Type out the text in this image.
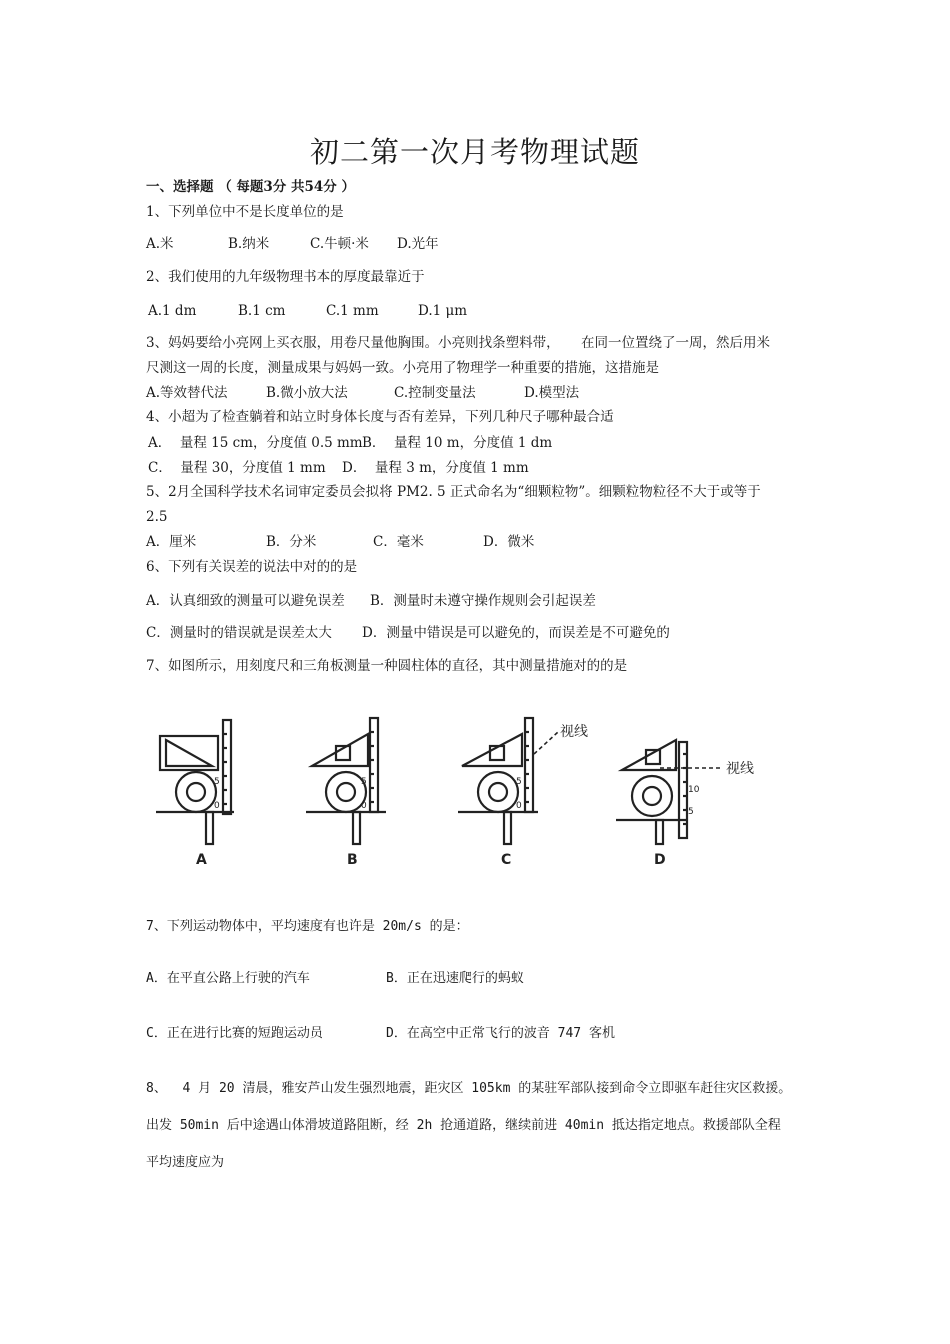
初二第一次月考物理试题
一、选择题 （ 每题3分 共54分 ）
1、下列单位中不是长度单位的是
A.米	B.纳米	C.牛顿·米 D.光年
2、我们使用的九年级物理书本的厚度最靠近于
A.1 dm	B.1 cm	C.1 mm	D.1 μm
3、妈妈要给小亮网上买衣服，用卷尺量他胸围。小亮则找条塑料带，     在同一位置绕了一周，然后用米
尺测这一周的长度，测量成果与妈妈一致。小亮用了物理学一种重要的措施，这措施是
A.等效替代法	B.微小放大法	C.控制变量法	D.模型法
4、小超为了检查躺着和站立时身体长度与否有差异，下列几种尺子哪种最合适
A．  量程 15 cm，分度值 0.5 mm B．  量程 10 m，分度值 1 dm
C．  量程 30，分度值 1 mm D．  量程 3 m，分度值 1 mm
5、2月全国科学技术名词审定委员会拟将 PM2. 5 正式命名为“细颗粒物”。细颗粒物粒径不大于或等于
2.5
A．厘米	B．分米	C．毫米	D．微米
6、下列有关误差的说法中对的的是
A．认真细致的测量可以避免误差 B．测量时未遵守操作规则会引起误差
C．测量时的错误就是误差太大 D．测量中错误是可以避免的，而误差是不可避免的
7、如图所示，用刻度尺和三角板测量一种圆柱体的直径，其中测量措施对的的是
5
0
5
0
5
0
10
5
视线
视线
A	B	C	D
7、下列运动物体中，平均速度有也许是 20m/s 的是：
A．在平直公路上行驶的汽车	B．正在迅速爬行的蚂蚁
C．正在进行比赛的短跑运动员	D．在高空中正常飞行的波音 747 客机
8、  4 月 20 清晨，雅安芦山发生强烈地震，距灾区 105km 的某驻军部队接到命令立即驱车赶往灾区救援。
出发 50min 后中途遇山体滑坡道路阻断，经 2h 抢通道路，继续前进 40min 抵达指定地点。救援部队全程
平均速度应为
